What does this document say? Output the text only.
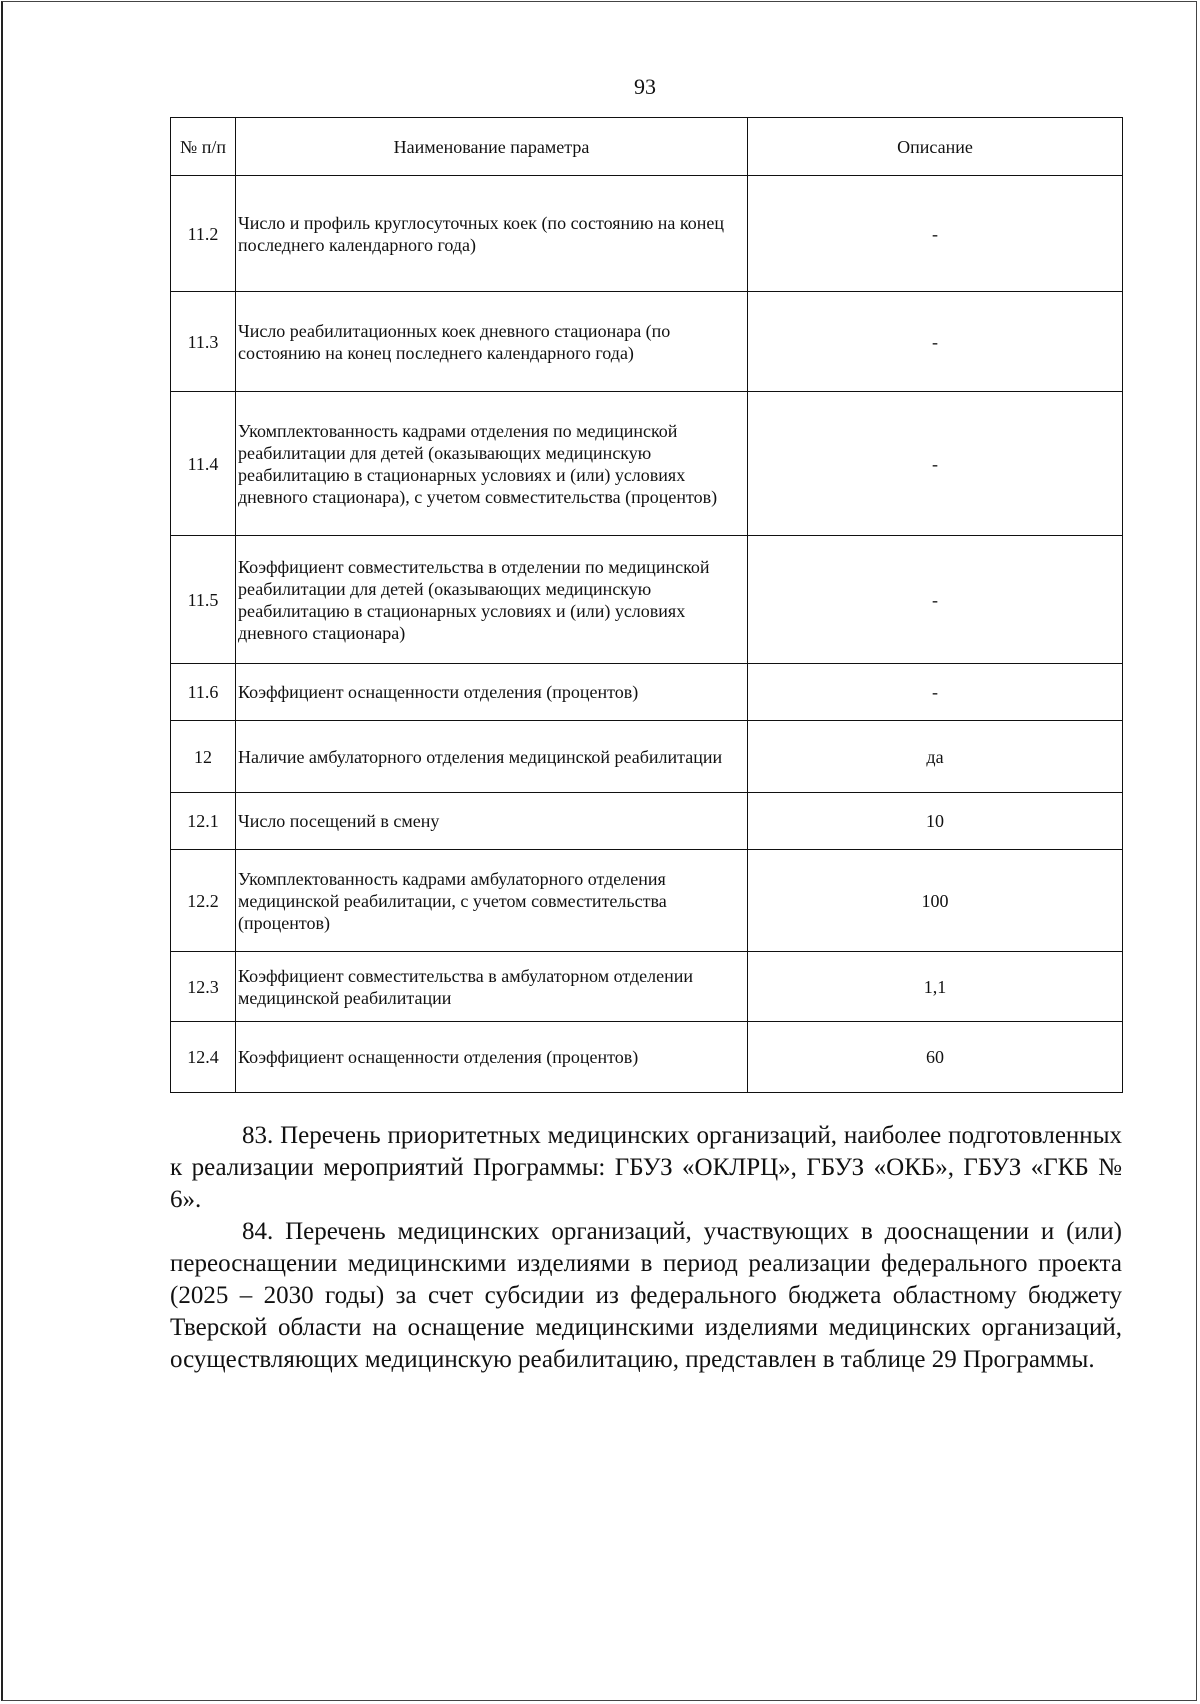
93
№ п/п	Наименование параметра	Описание
11.2	Число и профиль круглосуточных коек (по состоянию на конец последнего календарного года)	-
11.3	Число реабилитационных коек дневного стационара (по состоянию на конец последнего календарного года)	-
11.4	Укомплектованность кадрами отделения по медицинской реабилитации для детей (оказывающих медицинскую реабилитацию в стационарных условиях и (или) условиях дневного стационара), с учетом совместительства (процентов)	-
11.5	Коэффициент совместительства в отделении по медицинской реабилитации для детей (оказывающих медицинскую реабилитацию в стационарных условиях и (или) условиях дневного стационара)	-
11.6	Коэффициент оснащенности отделения (процентов)	-
12	Наличие амбулаторного отделения медицинской реабилитации	да
12.1	Число посещений в смену	10
12.2	Укомплектованность кадрами амбулаторного отделения медицинской реабилитации, с учетом совместительства (процентов)	100
12.3	Коэффициент совместительства в амбулаторном отделении медицинской реабилитации	1,1
12.4	Коэффициент оснащенности отделения (процентов)	60

83. Перечень приоритетных медицинских организаций, наиболее подготовленных к реализации мероприятий Программы: ГБУЗ «ОКЛРЦ», ГБУЗ «ОКБ», ГБУЗ «ГКБ № 6».

84. Перечень медицинских организаций, участвующих в дооснащении и (или) переоснащении медицинскими изделиями в период реализации федерального проекта (2025 – 2030 годы) за счет субсидии из федерального бюджета областному бюджету Тверской области на оснащение медицинскими изделиями медицинских организаций, осуществляющих медицинскую реабилитацию, представлен в таблице 29 Программы.
